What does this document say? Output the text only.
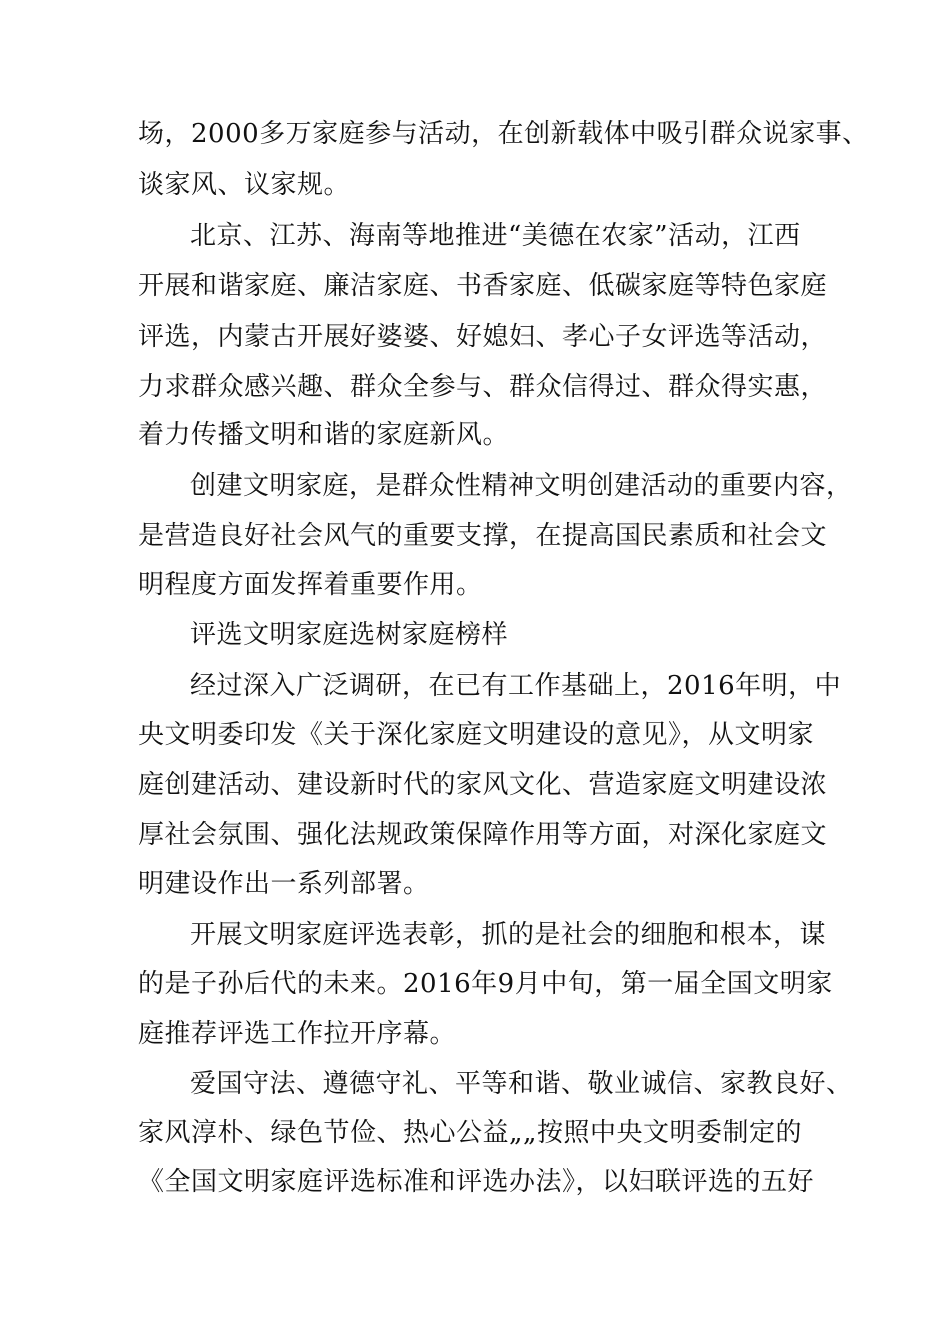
场，2000多万家庭参与活动，在创新载体中吸引群众说家事、
谈家风、议家规。
北京、江苏、海南等地推进“美德在农家”活动，江西
开展和谐家庭、廉洁家庭、书香家庭、低碳家庭等特色家庭
评选，内蒙古开展好婆婆、好媳妇、孝心子女评选等活动，
力求群众感兴趣、群众全参与、群众信得过、群众得实惠，
着力传播文明和谐的家庭新风。
创建文明家庭，是群众性精神文明创建活动的重要内容，
是营造良好社会风气的重要支撑，在提高国民素质和社会文
明程度方面发挥着重要作用。
评选文明家庭选树家庭榜样
经过深入广泛调研，在已有工作基础上，2016年明，中
央文明委印发《关于深化家庭文明建设的意见》，从文明家
庭创建活动、建设新时代的家风文化、营造家庭文明建设浓
厚社会氛围、强化法规政策保障作用等方面，对深化家庭文
明建设作出一系列部署。
开展文明家庭评选表彰，抓的是社会的细胞和根本，谋
的是子孙后代的未来。2016年9月中旬，第一届全国文明家
庭推荐评选工作拉开序幕。
爱国守法、遵德守礼、平等和谐、敬业诚信、家教良好、
家风淳朴、绿色节俭、热心公益„„按照中央文明委制定的
《全国文明家庭评选标准和评选办法》，以妇联评选的五好
